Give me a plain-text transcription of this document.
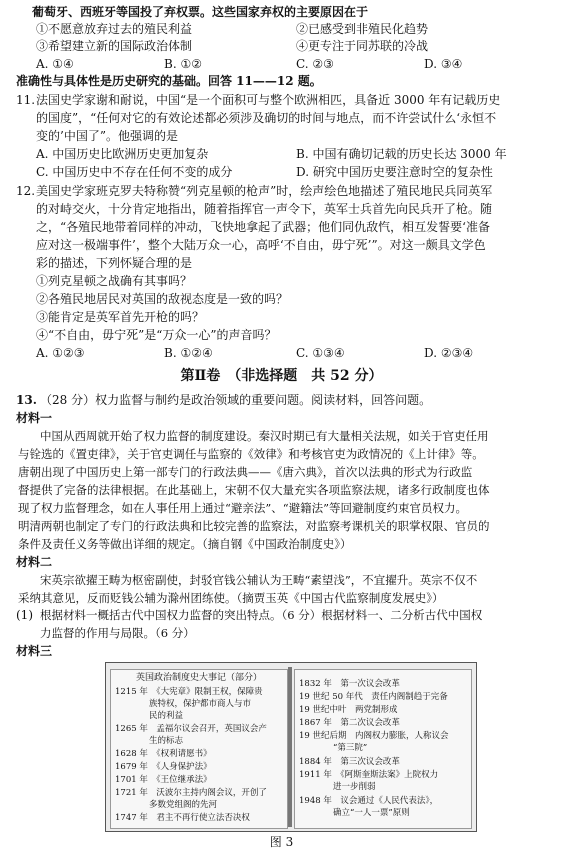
葡萄牙、西班牙等国投了弃权票。这些国家弃权的主要原因在于
①不愿意放弃过去的殖民利益	②已感受到非殖民化趋势
③希望建立新的国际政治体制	④更专注于同苏联的冷战
A. ①④	B. ①②	C. ②③	D. ③④
准确性与具体性是历史研究的基础。回答 11——12 题。
11. 法国史学家谢和耐说，中国“是一个面积可与整个欧洲相匹，具备近 3000 年有记载历史
的国度”，“任何对它的有效论述都必须涉及确切的时间与地点，而不许尝试什么‘永恒不
变的’中国了”。他强调的是
A. 中国历史比欧洲历史更加复杂	B. 中国有确切记载的历史长达 3000 年
C. 中国历史中不存在任何不变的成分	D. 研究中国历史要注意时空的复杂性
12. 美国史学家班克罗夫特称赞“列克星顿的枪声”时，绘声绘色地描述了殖民地民兵同英军
的对峙交火，十分肯定地指出，随着指挥官一声令下，英军士兵首先向民兵开了枪。随
之，“各殖民地带着同样的冲动，飞快地拿起了武器；他们同仇敌忾，相互发誓要‘准备
应对这一极端事件’，整个大陆万众一心，高呼‘不自由，毋宁死’”。对这一颇具文学色
彩的描述，下列怀疑合理的是
①列克星顿之战确有其事吗？
②各殖民地居民对英国的敌视态度是一致的吗？
③能肯定是英军首先开枪的吗？
④“不自由，毋宁死”是“万众一心”的声音吗？
A. ①②③	B. ①②④	C. ①③④	D. ②③④
第Ⅱ卷　（非选择题　共 52 分）
13. （28 分）权力监督与制约是政治领域的重要问题。阅读材料，回答问题。
材料一
中国从西周就开始了权力监督的制度建设。秦汉时期已有大量相关法规，如关于官吏任用
与铨选的《置吏律》，关于官吏调任与监察的《效律》和考核官吏为政情况的《上计律》等。
唐朝出现了中国历史上第一部专门的行政法典——《唐六典》，首次以法典的形式为行政监
督提供了完备的法律根据。在此基础上，宋朝不仅大量充实各项监察法规，诸多行政制度也体
现了权力监督理念，如在人事任用上通过“避亲法”、“避籍法”等回避制度约束官员权力。
明清两朝也制定了专门的行政法典和比较完善的监察法，对监察考课机关的职掌权限、官员的
条件及责任义务等做出详细的规定。（摘自钢《中国政治制度史》）
材料二
宋英宗欲擢王畴为枢密副使，封驳官钱公辅认为王畴“素望浅”，不宜擢升。英宗不仅不
采纳其意见，反而贬钱公辅为滁州团练使。（摘贾玉英《中国古代监察制度发展史》）
(1) 根据材料一概括古代中国权力监督的突出特点。（6 分）根据材料一、二分析古代中国权
力监督的作用与局限。（6 分）
材料三
英国政治制度史大事记（部分）
1215 年　《大宪章》限制王权，保障贵
　　　　族特权，保护都市商人与市
　　　　民的利益
1265 年　孟福尔议会召开，英国议会产
　　　　生的标志
1628 年　《权利请愿书》
1679 年　《人身保护法》
1701 年　《王位继承法》
1721 年　沃波尔主持内阁会议，开创了
　　　　多数党组阁的先河
1747 年　君主不再行使立法否决权
1832 年　第一次议会改革
19 世纪 50 年代　责任内阁制趋于完备
19 世纪中叶　两党制形成
1867 年　第二次议会改革
19 世纪后期　内阁权力膨胀，人称议会
　　　　“第三院”
1884 年　第三次议会改革
1911 年　《阿斯奎斯法案》上院权力
　　　　进一步削弱
1948 年　议会通过《人民代表法》，
　　　　确立“一人一票”原则
图 3
